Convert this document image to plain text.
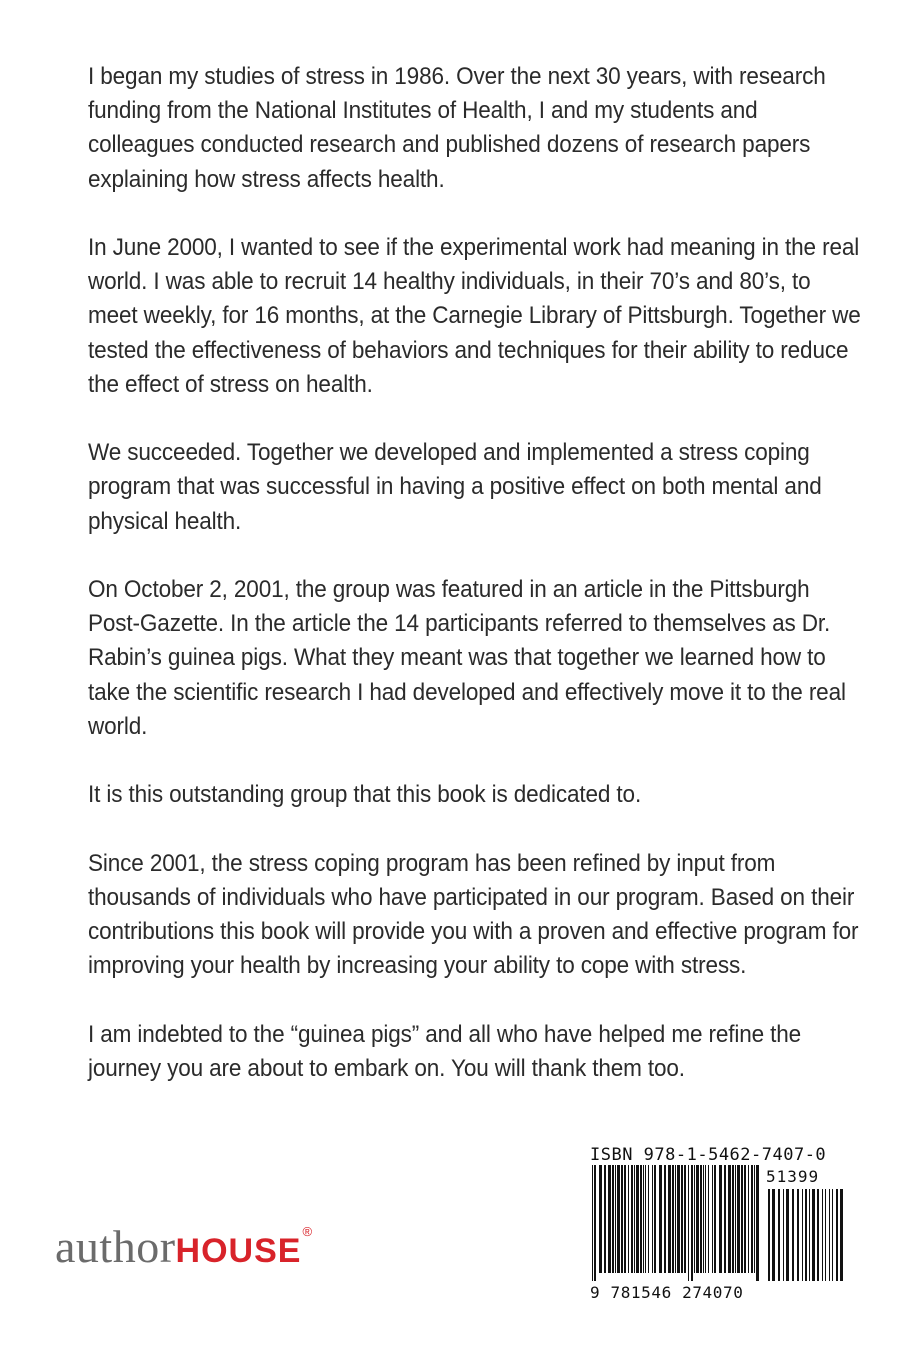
I began my studies of stress in 1986. Over the next 30 years, with research funding from the National Institutes of Health, I and my students and colleagues conducted research and published dozens of research papers explaining how stress affects health.

In June 2000, I wanted to see if the experimental work had meaning in the real world. I was able to recruit 14 healthy individuals, in their 70’s and 80’s, to meet weekly, for 16 months, at the Carnegie Library of Pittsburgh. Together we tested the effectiveness of behaviors and techniques for their ability to reduce the effect of stress on health.

We succeeded. Together we developed and implemented a stress coping program that was successful in having a positive effect on both mental and physical health.

On October 2, 2001, the group was featured in an article in the Pittsburgh Post-Gazette. In the article the 14 participants referred to themselves as Dr. Rabin’s guinea pigs. What they meant was that together we learned how to take the scientific research I had developed and effectively move it to the real world.

It is this outstanding group that this book is dedicated to.

Since 2001, the stress coping program has been refined by input from thousands of individuals who have participated in our program. Based on their contributions this book will provide you with a proven and effective program for improving your health by increasing your ability to cope with stress.

I am indebted to the “guinea pigs” and all who have helped me refine the journey you are about to embark on. You will thank them too.

author HOUSE
®
ISBN 978-1-5462-7407-0
51399
9 781546 274070
